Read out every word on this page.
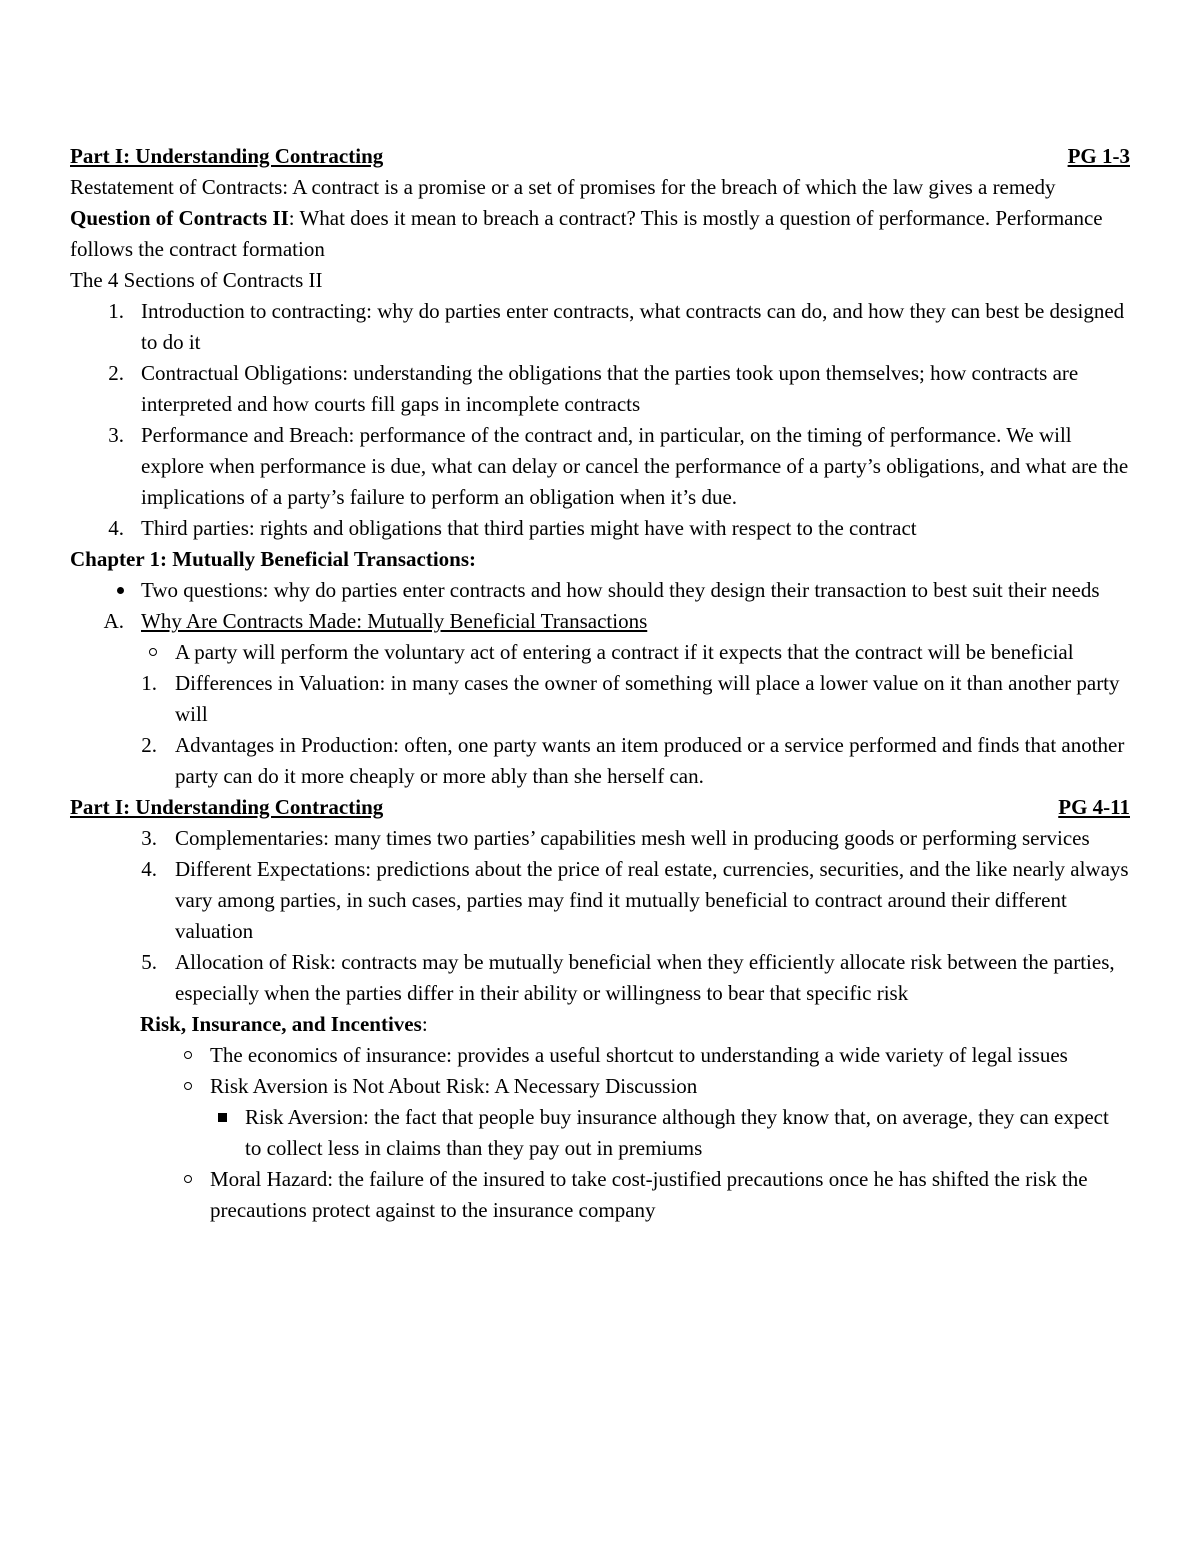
Part I: Understanding Contracting	PG 1-3
Restatement of Contracts: A contract is a promise or a set of promises for the breach of which the law gives a remedy
Question of Contracts II: What does it mean to breach a contract? This is mostly a question of performance. Performance follows the contract formation
The 4 Sections of Contracts II
1. Introduction to contracting: why do parties enter contracts, what contracts can do, and how they can best be designed to do it
2. Contractual Obligations: understanding the obligations that the parties took upon themselves; how contracts are interpreted and how courts fill gaps in incomplete contracts
3. Performance and Breach: performance of the contract and, in particular, on the timing of performance. We will explore when performance is due, what can delay or cancel the performance of a party’s obligations, and what are the implications of a party’s failure to perform an obligation when it’s due.
4. Third parties: rights and obligations that third parties might have with respect to the contract
Chapter 1: Mutually Beneficial Transactions:
Two questions: why do parties enter contracts and how should they design their transaction to best suit their needs
A. Why Are Contracts Made: Mutually Beneficial Transactions
A party will perform the voluntary act of entering a contract if it expects that the contract will be beneficial
1. Differences in Valuation: in many cases the owner of something will place a lower value on it than another party will
2. Advantages in Production: often, one party wants an item produced or a service performed and finds that another party can do it more cheaply or more ably than she herself can.
Part I: Understanding Contracting	PG 4-11
3. Complementaries: many times two parties’ capabilities mesh well in producing goods or performing services
4. Different Expectations: predictions about the price of real estate, currencies, securities, and the like nearly always vary among parties, in such cases, parties may find it mutually beneficial to contract around their different valuation
5. Allocation of Risk: contracts may be mutually beneficial when they efficiently allocate risk between the parties, especially when the parties differ in their ability or willingness to bear that specific risk
Risk, Insurance, and Incentives:
The economics of insurance: provides a useful shortcut to understanding a wide variety of legal issues
Risk Aversion is Not About Risk: A Necessary Discussion
Risk Aversion: the fact that people buy insurance although they know that, on average, they can expect to collect less in claims than they pay out in premiums
Moral Hazard: the failure of the insured to take cost-justified precautions once he has shifted the risk the precautions protect against to the insurance company
